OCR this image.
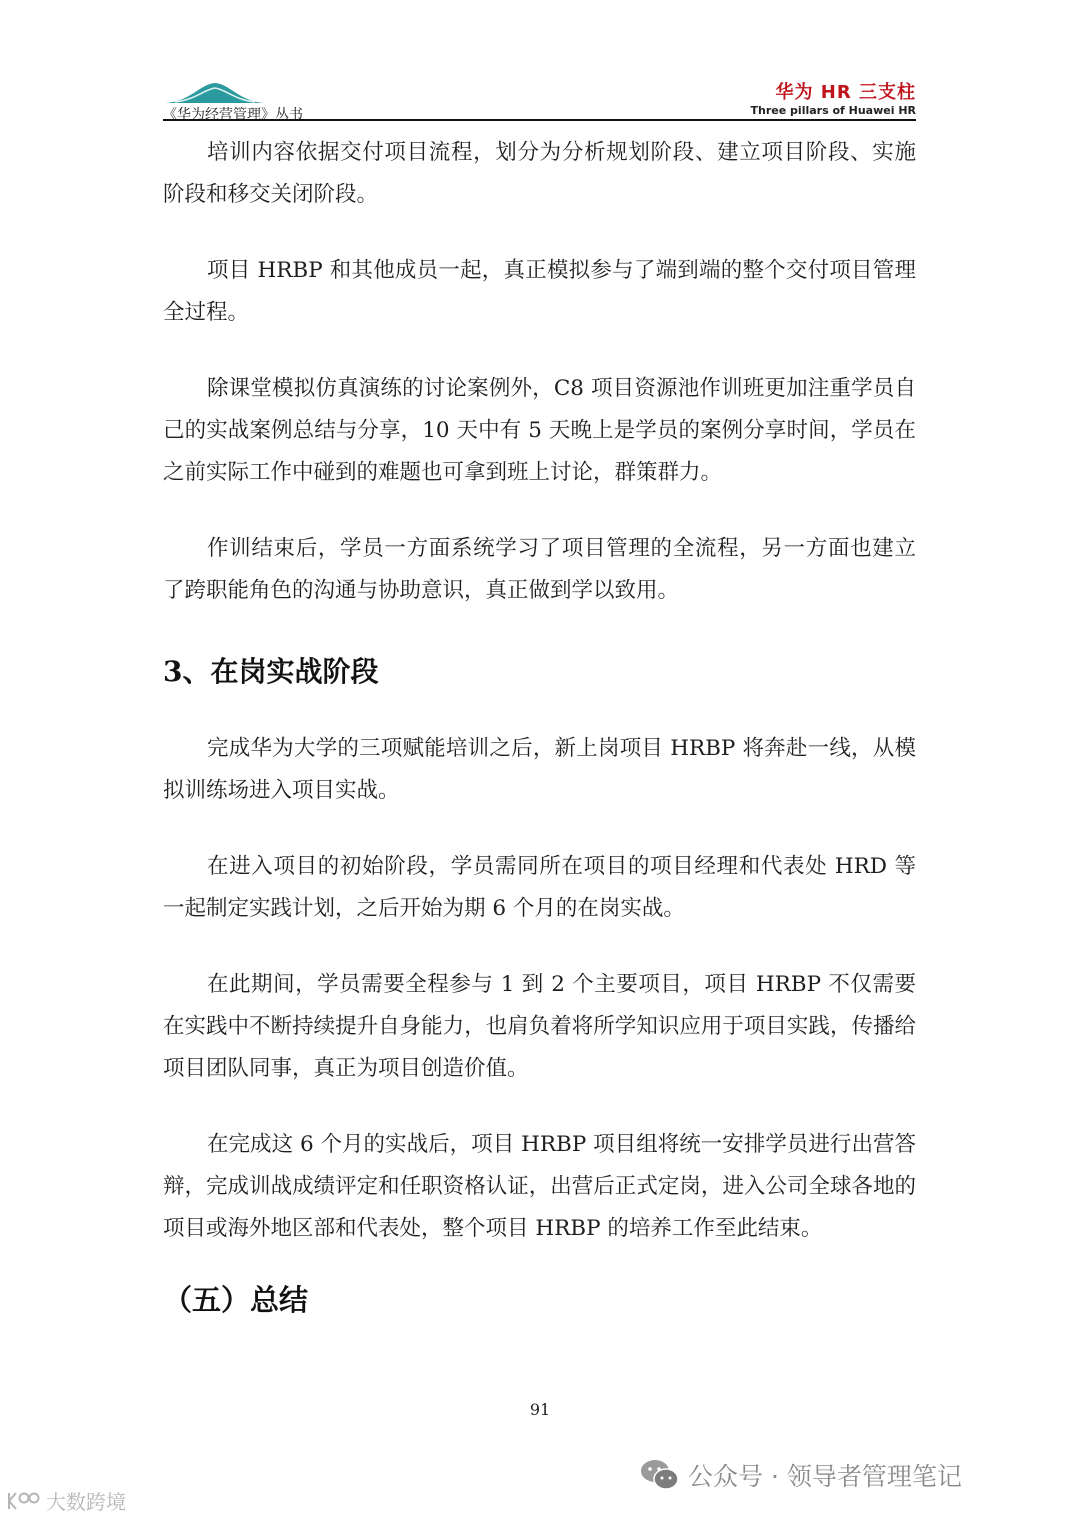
《华为经营管理》丛书
华为 HR 三支柱
Three pillars of Huawei HR

培训内容依据交付项目流程，划分为分析规划阶段、建立项目阶段、实施阶段和移交关闭阶段。

项目 HRBP 和其他成员一起，真正模拟参与了端到端的整个交付项目管理全过程。

除课堂模拟仿真演练的讨论案例外，C8 项目资源池作训班更加注重学员自己的实战案例总结与分享，10 天中有 5 天晚上是学员的案例分享时间，学员在之前实际工作中碰到的难题也可拿到班上讨论，群策群力。

作训结束后，学员一方面系统学习了项目管理的全流程，另一方面也建立了跨职能角色的沟通与协助意识，真正做到学以致用。

3、在岗实战阶段

完成华为大学的三项赋能培训之后，新上岗项目 HRBP 将奔赴一线，从模拟训练场进入项目实战。

在进入项目的初始阶段，学员需同所在项目的项目经理和代表处 HRD 等一起制定实践计划，之后开始为期 6 个月的在岗实战。

在此期间，学员需要全程参与 1 到 2 个主要项目，项目 HRBP 不仅需要在实践中不断持续提升自身能力，也肩负着将所学知识应用于项目实践，传播给项目团队同事，真正为项目创造价值。

在完成这 6 个月的实战后，项目 HRBP 项目组将统一安排学员进行出营答辩，完成训战成绩评定和任职资格认证，出营后正式定岗，进入公司全球各地的项目或海外地区部和代表处，整个项目 HRBP 的培养工作至此结束。

（五）总结
91
公众号 · 领导者管理笔记
大数跨境
